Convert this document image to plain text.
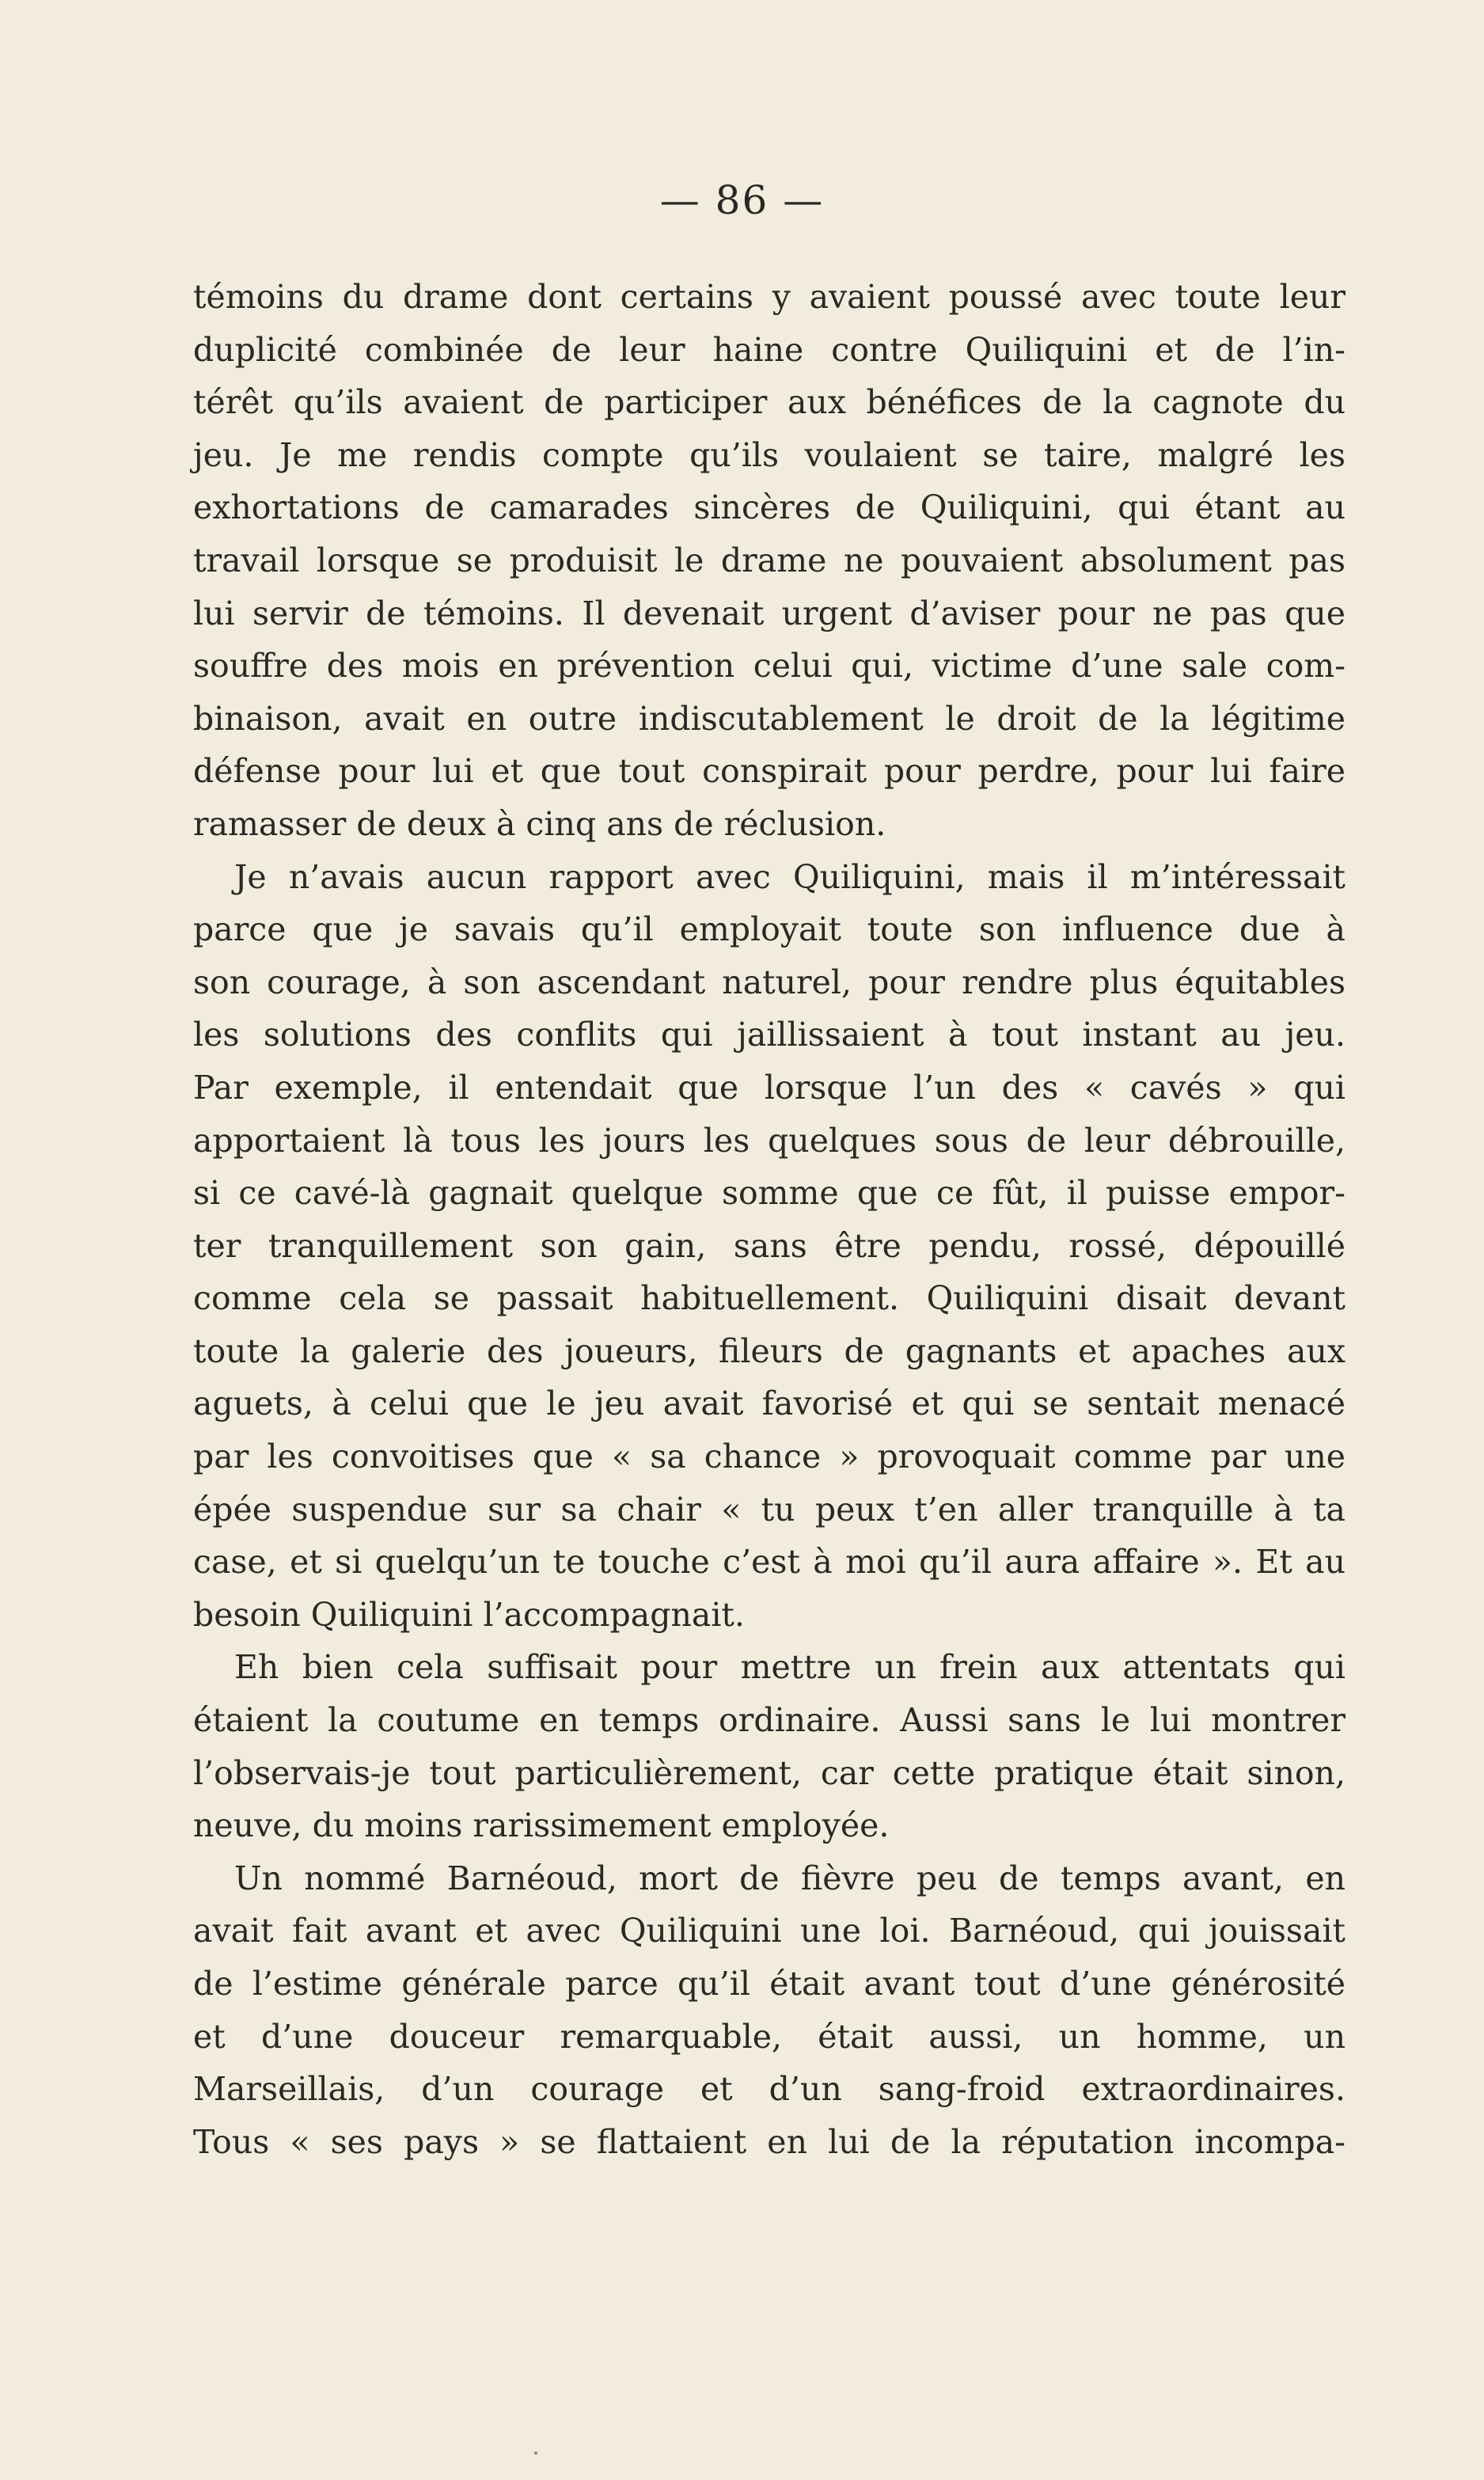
— 86 —
témoins du drame dont certains y avaient poussé avec toute leur
duplicité combinée de leur haine contre Quiliquini et de l’in-
térêt qu’ils avaient de participer aux bénéfices de la cagnote du
jeu. Je me rendis compte qu’ils voulaient se taire, malgré les
exhortations de camarades sincères de Quiliquini, qui étant au
travail lorsque se produisit le drame ne pouvaient absolument pas
lui servir de témoins. Il devenait urgent d’aviser pour ne pas que
souffre des mois en prévention celui qui, victime d’une sale com-
binaison, avait en outre indiscutablement le droit de la légitime
défense pour lui et que tout conspirait pour perdre, pour lui faire
ramasser de deux à cinq ans de réclusion.
Je n’avais aucun rapport avec Quiliquini, mais il m’intéressait
parce que je savais qu’il employait toute son influence due à
son courage, à son ascendant naturel, pour rendre plus équitables
les solutions des conflits qui jaillissaient à tout instant au jeu.
Par exemple, il entendait que lorsque l’un des « cavés » qui
apportaient là tous les jours les quelques sous de leur débrouille,
si ce cavé-là gagnait quelque somme que ce fût, il puisse empor-
ter tranquillement son gain, sans être pendu, rossé, dépouillé
comme cela se passait habituellement. Quiliquini disait devant
toute la galerie des joueurs, fileurs de gagnants et apaches aux
aguets, à celui que le jeu avait favorisé et qui se sentait menacé
par les convoitises que « sa chance » provoquait comme par une
épée suspendue sur sa chair « tu peux t’en aller tranquille à ta
case, et si quelqu’un te touche c’est à moi qu’il aura affaire ». Et au
besoin Quiliquini l’accompagnait.
Eh bien cela suffisait pour mettre un frein aux attentats qui
étaient la coutume en temps ordinaire. Aussi sans le lui montrer
l’observais-je tout particulièrement, car cette pratique était sinon,
neuve, du moins rarissimement employée.
Un nommé Barnéoud, mort de fièvre peu de temps avant, en
avait fait avant et avec Quiliquini une loi. Barnéoud, qui jouissait
de l’estime générale parce qu’il était avant tout d’une générosité
et d’une douceur remarquable, était aussi, un homme, un
Marseillais, d’un courage et d’un sang-froid extraordinaires.
Tous « ses pays » se flattaient en lui de la réputation incompa-
